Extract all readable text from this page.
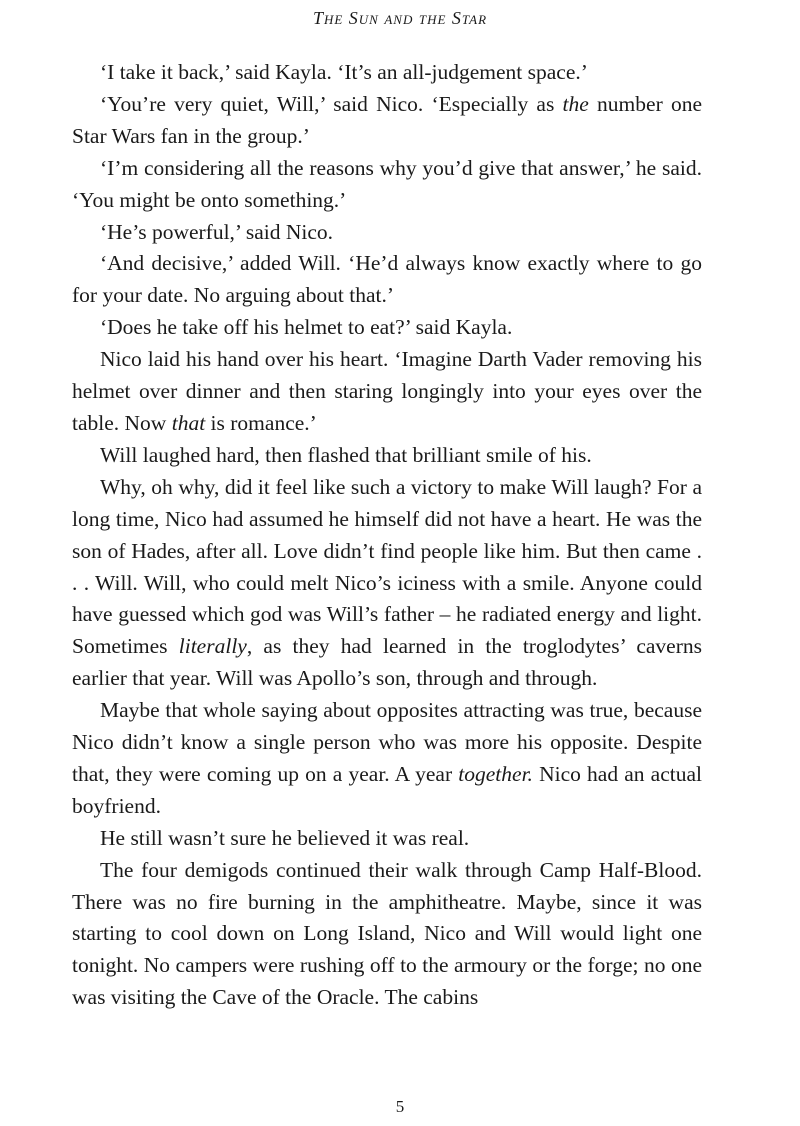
The Sun and the Star

‘I take it back,’ said Kayla. ‘It’s an all-judgement space.’

‘You’re very quiet, Will,’ said Nico. ‘Especially as the number one Star Wars fan in the group.’

‘I’m considering all the reasons why you’d give that answer,’ he said. ‘You might be onto something.’

‘He’s powerful,’ said Nico.

‘And decisive,’ added Will. ‘He’d always know exactly where to go for your date. No arguing about that.’

‘Does he take off his helmet to eat?’ said Kayla.

Nico laid his hand over his heart. ‘Imagine Darth Vader removing his helmet over dinner and then staring longingly into your eyes over the table. Now that is romance.’

Will laughed hard, then flashed that brilliant smile of his.

Why, oh why, did it feel like such a victory to make Will laugh? For a long time, Nico had assumed he himself did not have a heart. He was the son of Hades, after all. Love didn’t find people like him. But then came . . . Will. Will, who could melt Nico’s iciness with a smile. Anyone could have guessed which god was Will’s father – he radiated energy and light. Sometimes literally, as they had learned in the troglodytes’ caverns earlier that year. Will was Apollo’s son, through and through.

Maybe that whole saying about opposites attracting was true, because Nico didn’t know a single person who was more his opposite. Despite that, they were coming up on a year. A year together. Nico had an actual boyfriend.

He still wasn’t sure he believed it was real.

The four demigods continued their walk through Camp Half-Blood. There was no fire burning in the amphitheatre. Maybe, since it was starting to cool down on Long Island, Nico and Will would light one tonight. No campers were rushing off to the armoury or the forge; no one was visiting the Cave of the Oracle. The cabins

5
